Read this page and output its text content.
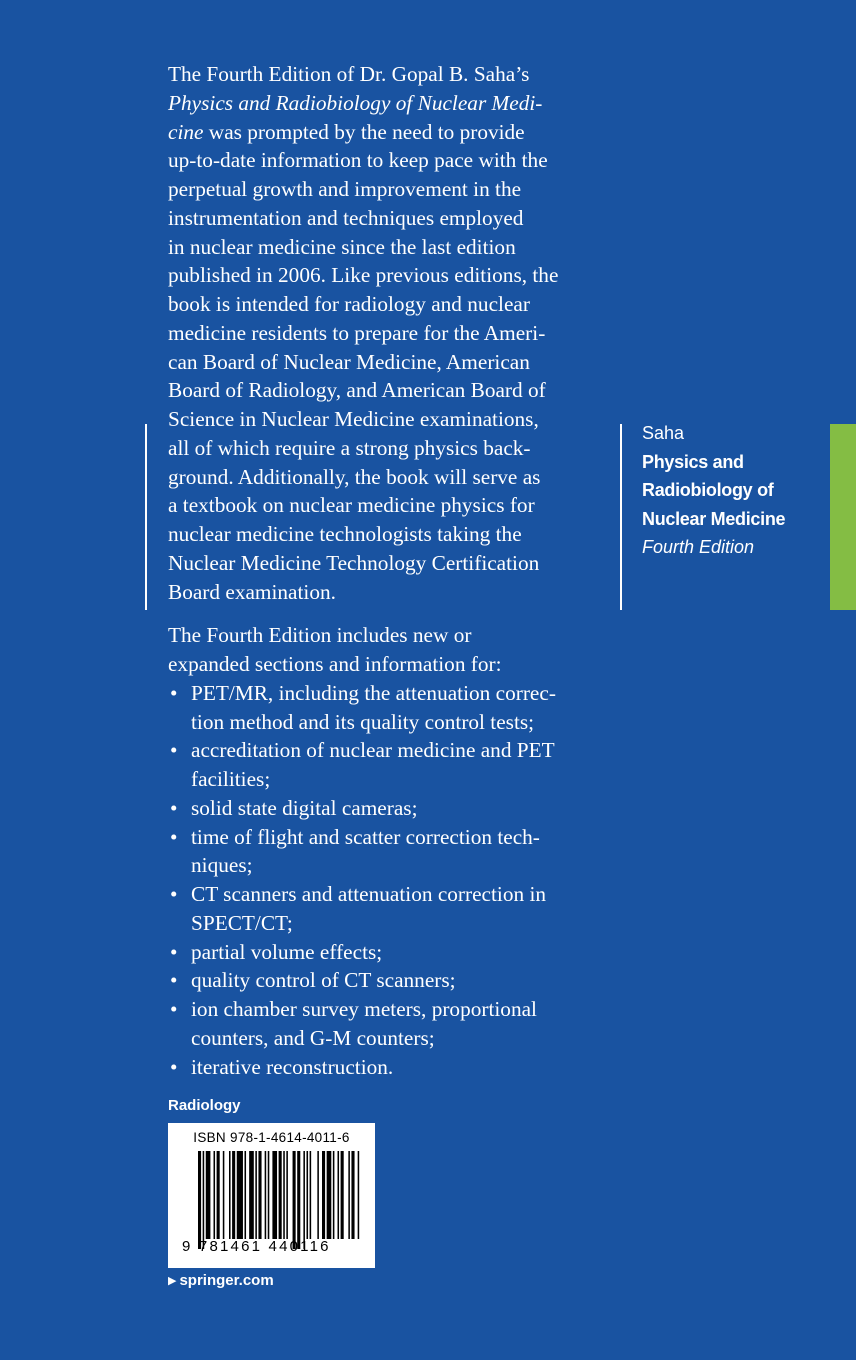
The Fourth Edition of Dr. Gopal B. Saha’s
Physics and Radiobiology of Nuclear Medi-
cine was prompted by the need to provide
up-to-date information to keep pace with the
perpetual growth and improvement in the
instrumentation and techniques employed
in nuclear medicine since the last edition
published in 2006. Like previous editions, the
book is intended for radiology and nuclear
medicine residents to prepare for the Ameri-
can Board of Nuclear Medicine, American
Board of Radiology, and American Board of
Science in Nuclear Medicine examinations,
all of which require a strong physics back-
ground. Additionally, the book will serve as
a textbook on nuclear medicine physics for
nuclear medicine technologists taking the
Nuclear Medicine Technology Certification
Board examination.
The Fourth Edition includes new or
expanded sections and information for:
• PET/MR, including the attenuation correc-
tion method and its quality control tests;
• accreditation of nuclear medicine and PET
facilities;
• solid state digital cameras;
• time of flight and scatter correction tech-
niques;
• CT scanners and attenuation correction in
SPECT/CT;
• partial volume effects;
• quality control of CT scanners;
• ion chamber survey meters, proportional
counters, and G-M counters;
• iterative reconstruction.
Saha
Physics and
Radiobiology of
Nuclear Medicine
Fourth Edition
Radiology
ISBN 978-1-4614-4011-6
9 781461 440116
▶ springer.com
